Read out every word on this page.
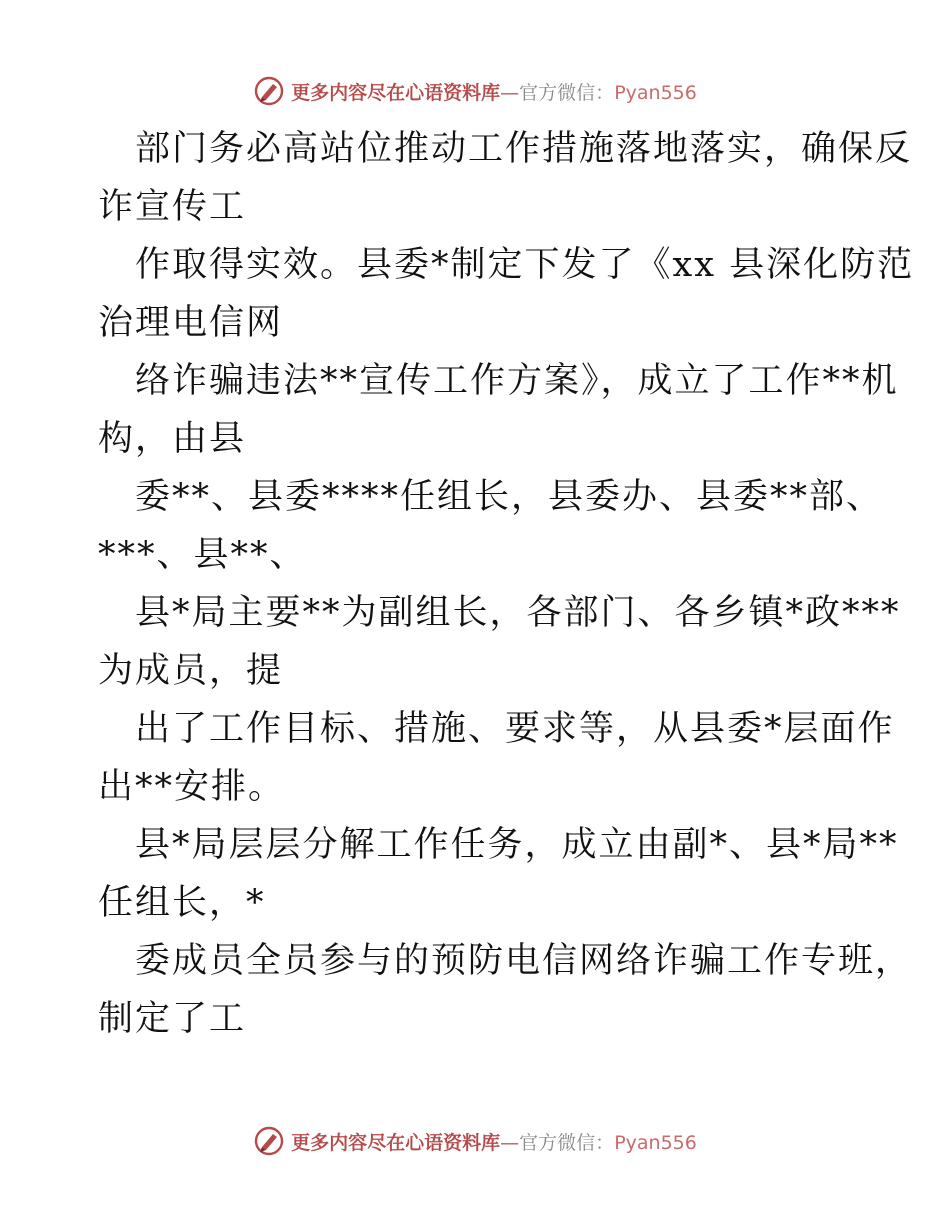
更多内容尽在心语资料库—官方微信：Pyan556

部门务必高站位推动工作措施落地落实，确保反
诈宣传工

作取得实效。县委*制定下发了《xx 县深化防范
治理电信网

络诈骗违法**宣传工作方案》，成立了工作**机
构，由县

委**、县委****任组长，县委办、县委**部、
***、县**、

县*局主要**为副组长，各部门、各乡镇*政***
为成员，提

出了工作目标、措施、要求等，从县委*层面作
出**安排。

县*局层层分解工作任务，成立由副*、县*局**
任组长，*

委成员全员参与的预防电信网络诈骗工作专班，
制定了工

更多内容尽在心语资料库—官方微信：Pyan556
